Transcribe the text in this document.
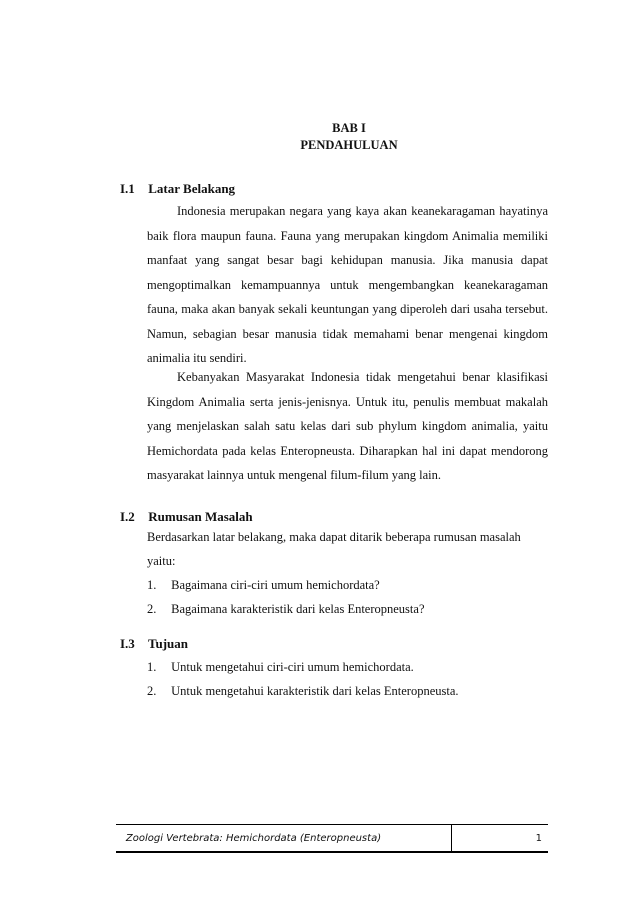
BAB I
PENDAHULUAN
I.1 Latar Belakang
Indonesia merupakan negara yang kaya akan keanekaragaman hayatinya baik flora maupun fauna. Fauna yang merupakan kingdom Animalia memiliki manfaat yang sangat besar bagi kehidupan manusia. Jika manusia dapat mengoptimalkan kemampuannya untuk mengembangkan keanekaragaman fauna, maka akan banyak sekali keuntungan yang diperoleh dari usaha tersebut. Namun, sebagian besar manusia tidak memahami benar mengenai kingdom animalia itu sendiri.
Kebanyakan Masyarakat Indonesia tidak mengetahui benar klasifikasi Kingdom Animalia serta jenis-jenisnya. Untuk itu, penulis membuat makalah yang menjelaskan salah satu kelas dari sub phylum kingdom animalia, yaitu Hemichordata pada kelas Enteropneusta. Diharapkan hal ini dapat mendorong masyarakat lainnya untuk mengenal filum-filum yang lain.
I.2 Rumusan Masalah
Berdasarkan latar belakang, maka dapat ditarik beberapa rumusan masalah
yaitu:
1. Bagaimana ciri-ciri umum hemichordata?
2. Bagaimana karakteristik dari kelas Enteropneusta?
I.3 Tujuan
1. Untuk mengetahui ciri-ciri umum hemichordata.
2. Untuk mengetahui karakteristik dari kelas Enteropneusta.
Zoologi Vertebrata: Hemichordata (Enteropneusta)	1
